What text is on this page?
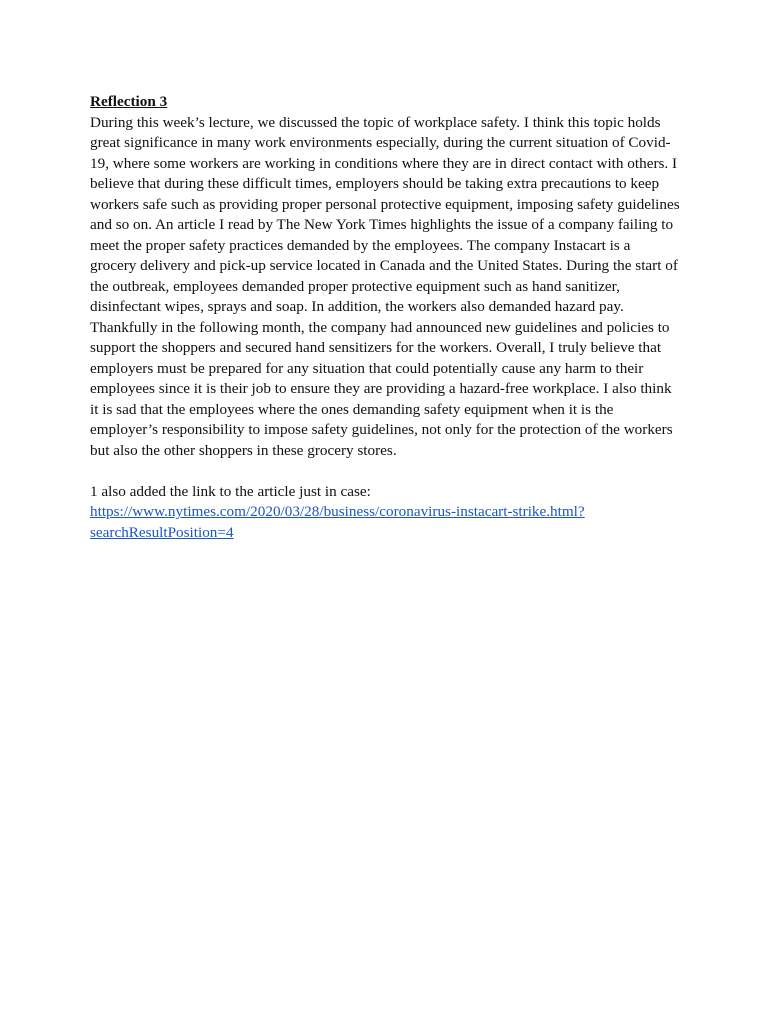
Reflection 3

During this week’s lecture, we discussed the topic of workplace safety. I think this topic holds great significance in many work environments especially, during the current situation of Covid-19, where some workers are working in conditions where they are in direct contact with others. I believe that during these difficult times, employers should be taking extra precautions to keep workers safe such as providing proper personal protective equipment, imposing safety guidelines and so on. An article I read by The New York Times highlights the issue of a company failing to meet the proper safety practices demanded by the employees. The company Instacart is a grocery delivery and pick-up service located in Canada and the United States. During the start of the outbreak, employees demanded proper protective equipment such as hand sanitizer, disinfectant wipes, sprays and soap. In addition, the workers also demanded hazard pay. Thankfully in the following month, the company had announced new guidelines and policies to support the shoppers and secured hand sensitizers for the workers. Overall, I truly believe that employers must be prepared for any situation that could potentially cause any harm to their employees since it is their job to ensure they are providing a hazard-free workplace. I also think it is sad that the employees where the ones demanding safety equipment when it is the employer’s responsibility to impose safety guidelines, not only for the protection of the workers but also the other shoppers in these grocery stores.

1 also added the link to the article just in case:

https://www.nytimes.com/2020/03/28/business/coronavirus-instacart-strike.html?
searchResultPosition=4
